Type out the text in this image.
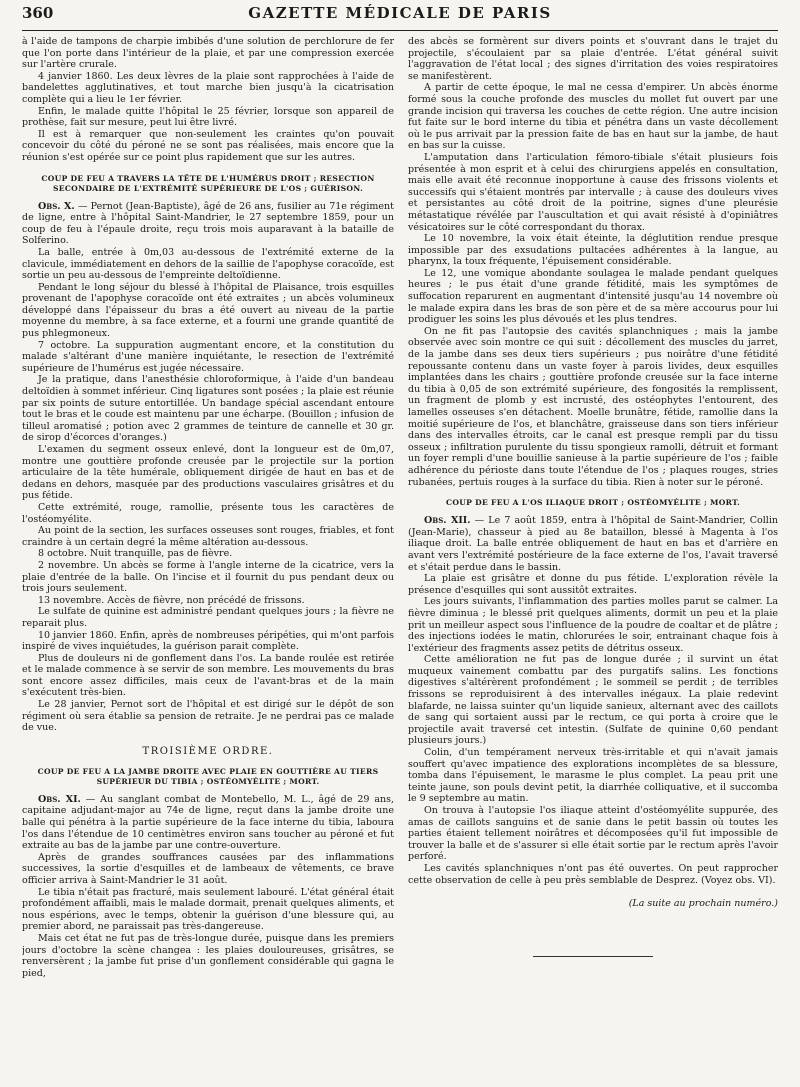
360	GAZETTE MÉDICALE DE PARIS

à l'aide de tampons de charpie imbibés d'une solution de perchlorure de fer que l'on porte dans l'intérieur de la plaie, et par une compression exercée sur l'artère crurale.

4 janvier 1860. Les deux lèvres de la plaie sont rapprochées à l'aide de bandelettes agglutinatives, et tout marche bien jusqu'à la cicatrisation complète qui a lieu le 1er février.

Enfin, le malade quitte l'hôpital le 25 février, lorsque son appareil de prothèse, fait sur mesure, peut lui être livré.

Il est à remarquer que non-seulement les craintes qu'on pouvait concevoir du côté du péroné ne se sont pas réalisées, mais encore que la réunion s'est opérée sur ce point plus rapidement que sur les autres.

COUP DE FEU A TRAVERS LA TÊTE DE L'HUMÉRUS DROIT ; RESECTION SECONDAIRE DE L'EXTRÉMITÉ SUPÉRIEURE DE L'OS ; GUÉRISON.

Obs. X. — Pernot (Jean-Baptiste), âgé de 26 ans, fusilier au 71e régiment de ligne, entre à l'hôpital Saint-Mandrier, le 27 septembre 1859, pour un coup de feu à l'épaule droite, reçu trois mois auparavant à la bataille de Solferino.

La balle, entrée à 0m,03 au-dessous de l'extrémité externe de la clavicule, immédiatement en dehors de la saillie de l'apophyse coracoïde, est sortie un peu au-dessous de l'empreinte deltoïdienne.

Pendant le long séjour du blessé à l'hôpital de Plaisance, trois esquilles provenant de l'apophyse coracoïde ont été extraites ; un abcès volumineux développé dans l'épaisseur du bras a été ouvert au niveau de la partie moyenne du membre, à sa face externe, et a fourni une grande quantité de pus phlegmoneux.

7 octobre. La suppuration augmentant encore, et la constitution du malade s'altérant d'une manière inquiétante, le resection de l'extrémité supérieure de l'humérus est jugée nécessaire.

Je la pratique, dans l'anesthésie chloroformique, à l'aide d'un bandeau deltoïdien à sommet inférieur. Cinq ligatures sont posées ; la plaie est réunie par six points de suture entortillée. Un bandage spécial ascendant entoure tout le bras et le coude est maintenu par une écharpe. (Bouillon ; infusion de tilleul aromatisé ; potion avec 2 grammes de teinture de cannelle et 30 gr. de sirop d'écorces d'oranges.)

L'examen du segment osseux enlevé, dont la longueur est de 0m,07, montre une gouttière profonde creusée par le projectile sur la portion articulaire de la tête humérale, obliquement dirigée de haut en bas et de dedans en dehors, masquée par des productions vasculaires grisâtres et du pus fétide.

Cette extrémité, rouge, ramollie, présente tous les caractères de l'ostéomyélite.

Au point de la section, les surfaces osseuses sont rouges, friables, et font craindre à un certain degré la même altération au-dessous.

8 octobre. Nuit tranquille, pas de fièvre.

2 novembre. Un abcès se forme à l'angle interne de la cicatrice, vers la plaie d'entrée de la balle. On l'incise et il fournit du pus pendant deux ou trois jours seulement.

13 novembre. Accès de fièvre, non précédé de frissons.

Le sulfate de quinine est administré pendant quelques jours ; la fièvre ne reparait plus.

10 janvier 1860. Enfin, après de nombreuses péripéties, qui m'ont parfois inspiré de vives inquiétudes, la guérison parait complète.

Plus de douleurs ni de gonflement dans l'os. La bande roulée est retirée et le malade commence à se servir de son membre. Les mouvements du bras sont encore assez difficiles, mais ceux de l'avant-bras et de la main s'exécutent très-bien.

Le 28 janvier, Pernot sort de l'hôpital et est dirigé sur le dépôt de son régiment où sera établie sa pension de retraite. Je ne perdrai pas ce malade de vue.

TROISIÈME ORDRE.
COUP DE FEU A LA JAMBE DROITE AVEC PLAIE EN GOUTTIÈRE AU TIERS SUPÉRIEUR DU TIBIA ; OSTÉOMYÉLITE ; MORT.

Obs. XI. — Au sanglant combat de Montebello, M. L., âgé de 29 ans, capitaine adjudant-major au 74e de ligne, reçut dans la jambe droite une balle qui pénétra à la partie supérieure de la face interne du tibia, laboura l'os dans l'étendue de 10 centimètres environ sans toucher au péroné et fut extraite au bas de la jambe par une contre-ouverture.

Après de grandes souffrances causées par des inflammations successives, la sortie d'esquilles et de lambeaux de vêtements, ce brave officier arriva à Saint-Mandrier le 31 août.

Le tibia n'était pas fracturé, mais seulement labouré. L'état général était profondément affaibli, mais le malade dormait, prenait quelques aliments, et nous espérions, avec le temps, obtenir la guérison d'une blessure qui, au premier abord, ne paraissait pas très-dangereuse.

Mais cet état ne fut pas de très-longue durée, puisque dans les premiers jours d'octobre la scène changea : les plaies douloureuses, grisâtres, se renversèrent ; la jambe fut prise d'un gonflement considérable qui gagna le pied,

des abcès se formèrent sur divers points et s'ouvrant dans le trajet du projectile, s'écoulaient par sa plaie d'entrée. L'état général suivit l'aggravation de l'état local ; des signes d'irritation des voies respiratoires se manifestèrent.

A partir de cette époque, le mal ne cessa d'empirer. Un abcès énorme formé sous la couche profonde des muscles du mollet fut ouvert par une grande incision qui traversa les couches de cette région. Une autre incision fut faite sur le bord interne du tibia et pénétra dans un vaste décollement où le pus arrivait par la pression faite de bas en haut sur la jambe, de haut en bas sur la cuisse.

L'amputation dans l'articulation fémoro-tibiale s'était plusieurs fois présentée à mon esprit et à celui des chirurgiens appelés en consultation, mais elle avait été reconnue inopportune à cause des frissons violents et successifs qui s'étaient montrés par intervalle ; à cause des douleurs vives et persistantes au côté droit de la poitrine, signes d'une pleurésie métastatique révélée par l'auscultation et qui avait résisté à d'opiniâtres vésicatoires sur le côté correspondant du thorax.

Le 10 novembre, la voix était éteinte, la déglutition rendue presque impossible par des exsudations pultacées adhérentes à la langue, au pharynx, la toux fréquente, l'épuisement considérable.

Le 12, une vomique abondante soulagea le malade pendant quelques heures ; le pus était d'une grande fétidité, mais les symptômes de suffocation reparurent en augmentant d'intensité jusqu'au 14 novembre où le malade expira dans les bras de son père et de sa mère accourus pour lui prodiguer les soins les plus dévoués et les plus tendres.

On ne fit pas l'autopsie des cavités splanchniques ; mais la jambe observée avec soin montre ce qui suit : décollement des muscles du jarret, de la jambe dans ses deux tiers supérieurs ; pus noirâtre d'une fétidité repoussante contenu dans un vaste foyer à parois livides, deux esquilles implantées dans les chairs ; gouttière profonde creusée sur la face interne du tibia à 0,05 de son extrémité supérieure, des fongosités la remplissent, un fragment de plomb y est incrusté, des ostéophytes l'entourent, des lamelles osseuses s'en détachent. Moelle brunâtre, fétide, ramollie dans la moitié supérieure de l'os, et blanchâtre, graisseuse dans son tiers inférieur dans des intervalles étroits, car le canal est presque rempli par du tissu osseux ; infiltration purulente du tissu spongieux ramolli, détruit et formant un foyer rempli d'une bouillie sanieuse à la partie supérieure de l'os ; faible adhérence du périoste dans toute l'étendue de l'os ; plaques rouges, stries rubanées, pertuis rouges à la surface du tibia. Rien à noter sur le péroné.

COUP DE FEU A L'OS ILIAQUE DROIT ; OSTÉOMYÉLITE ; MORT.

Obs. XII. — Le 7 août 1859, entra à l'hôpital de Saint-Mandrier, Collin (Jean-Marie), chasseur à pied au 8e bataillon, blessé à Magenta à l'os iliaque droit. La balle entrée obliquement de haut en bas et d'arrière en avant vers l'extrémité postérieure de la face externe de l'os, l'avait traversé et s'était perdue dans le bassin.

La plaie est grisâtre et donne du pus fétide. L'exploration révèle la présence d'esquilles qui sont aussitôt extraites.

Les jours suivants, l'inflammation des parties molles parut se calmer. La fièvre diminua ; le blessé prit quelques aliments, dormit un peu et la plaie prit un meilleur aspect sous l'influence de la poudre de coaltar et de plâtre ; des injections iodées le matin, chlorurées le soir, entrainant chaque fois à l'extérieur des fragments assez petits de détritus osseux.

Cette amélioration ne fut pas de longue durée ; il survint un état muqueux vainement combattu par des purgatifs salins. Les fonctions digestives s'altérèrent profondément ; le sommeil se perdit ; de terribles frissons se reproduisirent à des intervalles inégaux. La plaie redevint blafarde, ne laissa suinter qu'un liquide sanieux, alternant avec des caillots de sang qui sortaient aussi par le rectum, ce qui porta à croire que le projectile avait traversé cet intestin. (Sulfate de quinine 0,60 pendant plusieurs jours.)

Colin, d'un tempérament nerveux très-irritable et qui n'avait jamais souffert qu'avec impatience des explorations incomplètes de sa blessure, tomba dans l'épuisement, le marasme le plus complet. La peau prit une teinte jaune, son pouls devint petit, la diarrhée colliquative, et il succomba le 9 septembre au matin.

On trouva à l'autopsie l'os iliaque atteint d'ostéomyélite suppurée, des amas de caillots sanguins et de sanie dans le petit bassin où toutes les parties étaient tellement noirâtres et décomposées qu'il fut impossible de trouver la balle et de s'assurer si elle était sortie par le rectum après l'avoir perforé.

Les cavités splanchniques n'ont pas été ouvertes. On peut rapprocher cette observation de celle à peu près semblable de Desprez. (Voyez obs. VI).

(La suite au prochain numéro.)
